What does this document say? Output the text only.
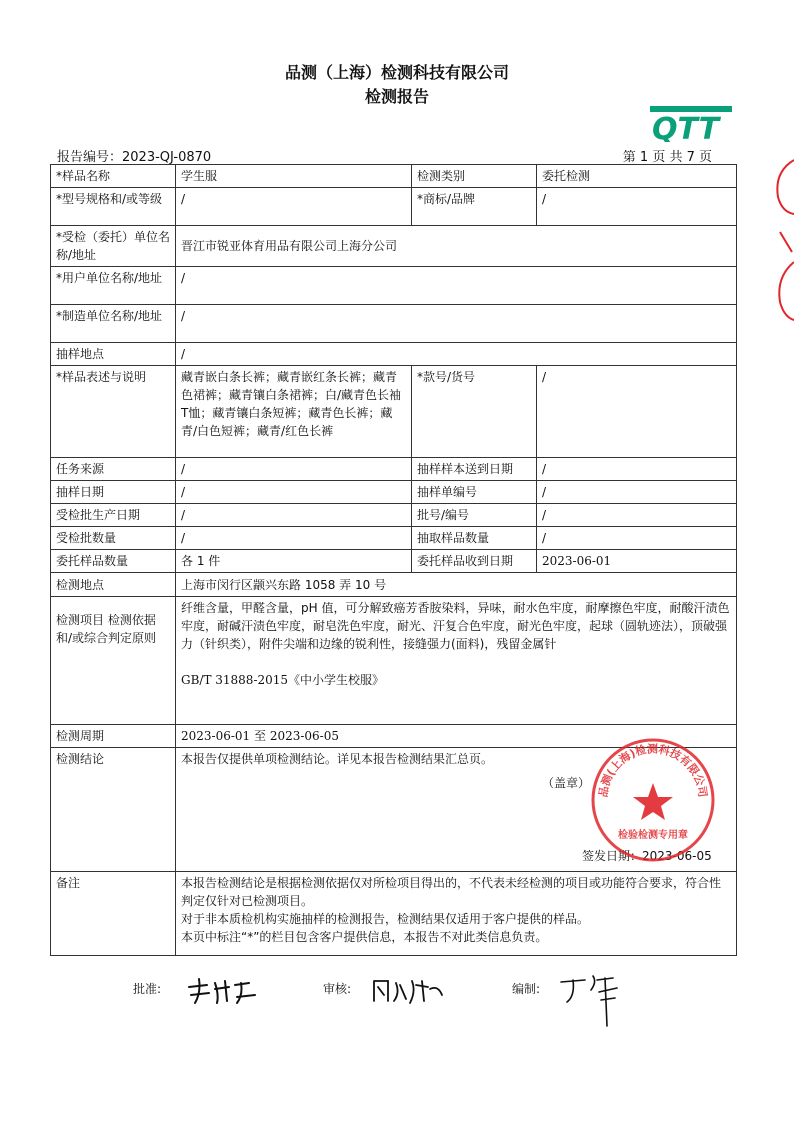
品测（上海）检测科技有限公司
检测报告
QTT
报告编号：2023-QJ-0870	第 1 页 共 7 页
*样品名称	学生服	检测类别	委托检测
*型号规格和/或等级	/	*商标/品牌	/
*受检（委托）单位名称/地址	晋江市锐亚体育用品有限公司上海分公司		
*用户单位名称/地址	/		
*制造单位名称/地址	/		
抽样地点	/		
*样品表述与说明	藏青嵌白条长裤；藏青嵌红条长裤；藏青色裙裤；藏青镶白条裙裤；白/藏青色长袖T恤；藏青镶白条短裤；藏青色长裤；藏青/白色短裤；藏青/红色长裤	*款号/货号	/
任务来源	/	抽样样本送到日期	/
抽样日期	/	抽样单编号	/
受检批生产日期	/	批号/编号	/
受检批数量	/	抽取样品数量	/
委托样品数量	各 1 件	委托样品收到日期	2023-06-01
检测地点	上海市闵行区颛兴东路 1058 弄 10 号		
检测项目 检测依据 和/或综合判定原则	纤维含量，甲醛含量，pH 值，可分解致癌芳香胺染料，异味，耐水色牢度，耐摩擦色牢度，耐酸汗渍色牢度，耐碱汗渍色牢度，耐皂洗色牢度，耐光、汗复合色牢度，耐光色牢度，起球（圆轨迹法），顶破强力（针织类），附件尖端和边缘的锐利性，接缝强力(面料)，残留金属针
GB/T 31888-2015《中小学生校服》		

检测周期	2023-06-01 至 2023-06-05		
检测结论	本报告仅提供单项检测结论。详见本报告检测结果汇总页。		
备注	本报告检测结论是根据检测依据仅对所检项目得出的，不代表未经检测的项目或功能符合要求，符合性判定仅针对已检测项目。
对于非本质检机构实施抽样的检测报告，检测结果仅适用于客户提供的样品。
本页中标注“*”的栏目包含客户提供信息，本报告不对此类信息负责。		
（盖章）
签发日期：2023-06-05
品测(上海)检测科技有限公司
检验检测专用章
批准:	审核:	编制:
